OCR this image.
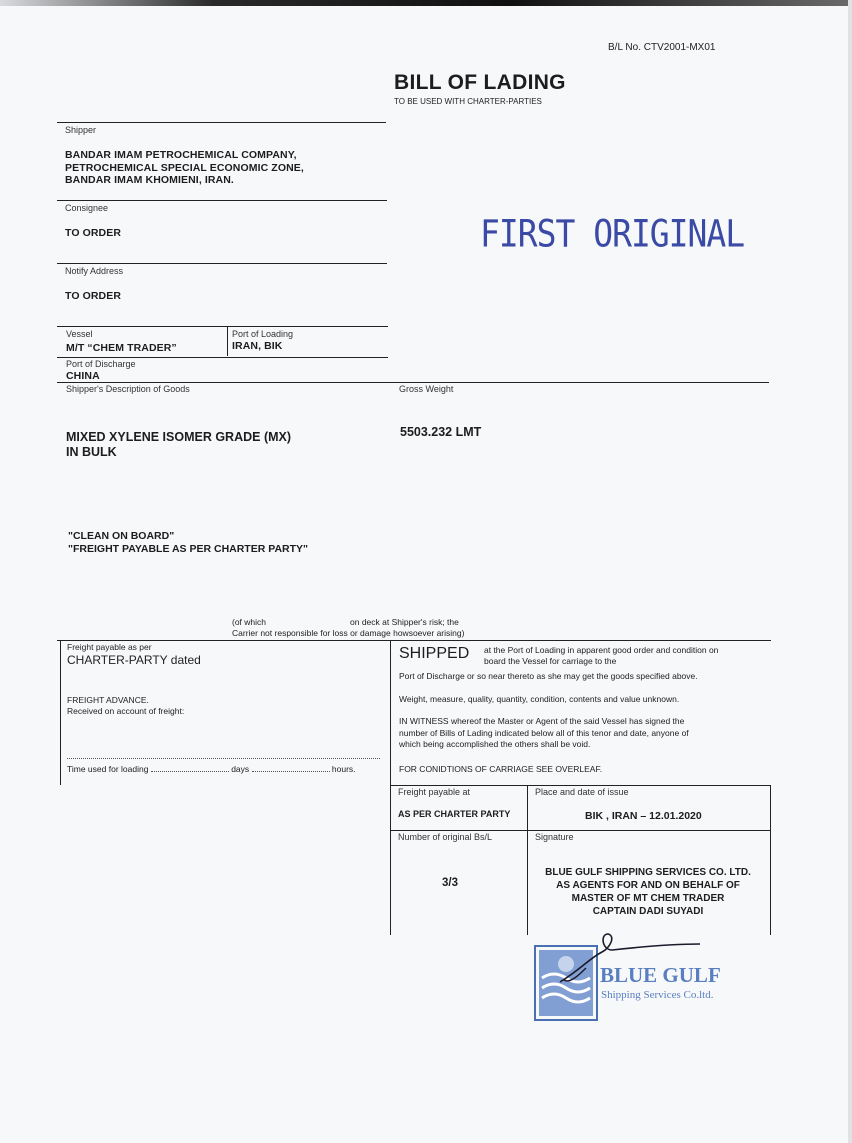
B/L No. CTV2001-MX01
BILL OF LADING
TO BE USED WITH CHARTER-PARTIES
FIRST ORIGINAL
Shipper
BANDAR IMAM PETROCHEMICAL COMPANY,
PETROCHEMICAL SPECIAL ECONOMIC ZONE,
BANDAR IMAM KHOMIENI, IRAN.
Consignee
TO ORDER
Notify Address
TO ORDER
Vessel
M/T “CHEM TRADER”
Port of Loading
IRAN, BIK
Port of Discharge
CHINA
Shipper's Description of Goods	Gross Weight
MIXED XYLENE ISOMER GRADE (MX)
IN BULK
5503.232 LMT
"CLEAN ON BOARD"
"FREIGHT PAYABLE AS PER CHARTER PARTY"
(of which	on deck at Shipper's risk; the
Carrier not responsible for loss or damage howsoever arising)
Freight payable as per
CHARTER-PARTY dated
FREIGHT ADVANCE.
Received on account of freight:
Time used for loading	days	hours.
SHIPPED at the Port of Loading in apparent good order and condition on
board the Vessel for carriage to the
Port of Discharge or so near thereto as she may get the goods specified above.
Weight, measure, quality, quantity, condition, contents and value unknown.
IN WITNESS whereof the Master or Agent of the said Vessel has signed the
number of Bills of Lading indicated below all of this tenor and date, anyone of
which being accomplished the others shall be void.
FOR CONIDTIONS OF CARRIAGE SEE OVERLEAF.
Freight payable at
AS PER CHARTER PARTY
Place and date of issue
BIK , IRAN – 12.01.2020
Number of original Bs/L
3/3
Signature
BLUE GULF SHIPPING SERVICES CO. LTD.
AS AGENTS FOR AND ON BEHALF OF
MASTER OF MT CHEM TRADER
CAPTAIN DADI SUYADI
BLUE GULF
Shipping Services Co.ltd.
